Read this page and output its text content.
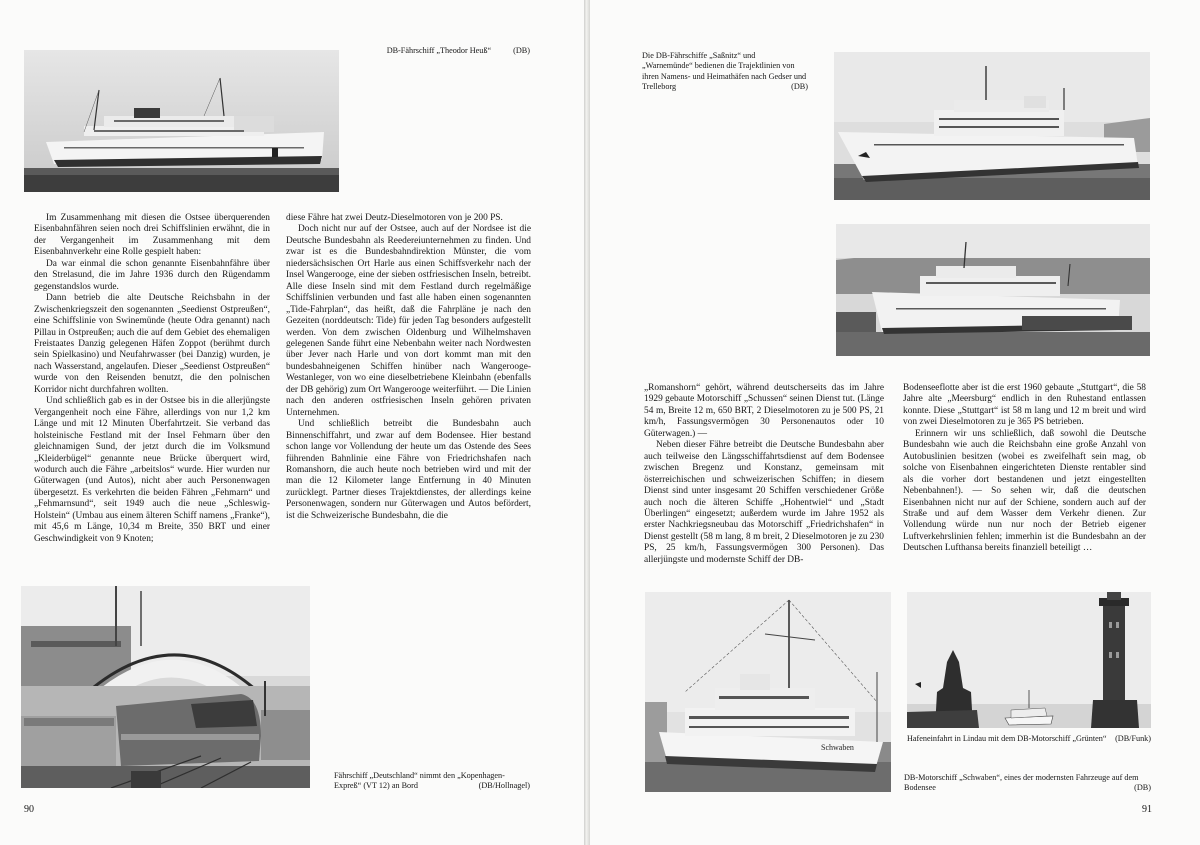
DB-Fährschiff „Theodor Heuß“	(DB)

Im Zusammenhang mit diesen die Ostsee überquerenden Eisenbahnfähren seien noch drei Schiffslinien erwähnt, die in der Vergangenheit im Zusammenhang mit dem Eisenbahnverkehr eine Rolle gespielt haben:

Da war einmal die schon genannte Eisenbahnfähre über den Strelasund, die im Jahre 1936 durch den Rügendamm gegenstandslos wurde.

Dann betrieb die alte Deutsche Reichsbahn in der Zwischenkriegszeit den sogenannten „Seedienst Ostpreußen“, eine Schiffslinie von Swinemünde (heute Odra genannt) nach Pillau in Ostpreußen; auch die auf dem Gebiet des ehemaligen Freistaates Danzig gelegenen Häfen Zoppot (berühmt durch sein Spielkasino) und Neufahrwasser (bei Danzig) wurden, je nach Wasserstand, angelaufen. Dieser „Seedienst Ostpreußen“ wurde von den Reisenden benutzt, die den polnischen Korridor nicht durchfahren wollten.

Und schließlich gab es in der Ostsee bis in die allerjüngste Vergangenheit noch eine Fähre, allerdings von nur 1,2 km Länge und mit 12 Minuten Überfahrtzeit. Sie verband das holsteinische Festland mit der Insel Fehmarn über den gleichnamigen Sund, der jetzt durch die im Volksmund „Kleiderbügel“ genannte neue Brücke überquert wird, wodurch auch die Fähre „arbeitslos“ wurde. Hier wurden nur Güterwagen (und Autos), nicht aber auch Personenwagen übergesetzt. Es verkehrten die beiden Fähren „Fehmarn“ und „Fehmarnsund“, seit 1949 auch die neue „Schleswig-Holstein“ (Umbau aus einem älteren Schiff namens „Franke“), mit 45,6 m Länge, 10,34 m Breite, 350 BRT und einer Geschwindigkeit von 9 Knoten;

diese Fähre hat zwei Deutz-Dieselmotoren von je 200 PS.

Doch nicht nur auf der Ostsee, auch auf der Nordsee ist die Deutsche Bundesbahn als Reedereiunternehmen zu finden. Und zwar ist es die Bundesbahndirektion Münster, die vom niedersächsischen Ort Harle aus einen Schiffsverkehr nach der Insel Wangerooge, eine der sieben ostfriesischen Inseln, betreibt. Alle diese Inseln sind mit dem Festland durch regelmäßige Schiffslinien verbunden und fast alle haben einen sogenannten „Tide-Fahrplan“, das heißt, daß die Fahrpläne je nach den Gezeiten (norddeutsch: Tide) für jeden Tag besonders aufgestellt werden. Von dem zwischen Oldenburg und Wilhelmshaven gelegenen Sande führt eine Nebenbahn weiter nach Nordwesten über Jever nach Harle und von dort kommt man mit den bundesbahneigenen Schiffen hinüber nach Wangerooge-Westanleger, von wo eine dieselbetriebene Kleinbahn (ebenfalls der DB gehörig) zum Ort Wangerooge weiterführt. — Die Linien nach den anderen ostfriesischen Inseln gehören privaten Unternehmen.

Und schließlich betreibt die Bundesbahn auch Binnenschiffahrt, und zwar auf dem Bodensee. Hier bestand schon lange vor Vollendung der heute um das Ostende des Sees führenden Bahnlinie eine Fähre von Friedrichshafen nach Romanshorn, die auch heute noch betrieben wird und mit der man die 12 Kilometer lange Entfernung in 40 Minuten zurücklegt. Partner dieses Trajektdienstes, der allerdings keine Personenwagen, sondern nur Güterwagen und Autos befördert, ist die Schweizerische Bundesbahn, die die

Fährschiff „Deutschland“ nimmt den „Kopenhagen-Expreß“ (VT 12) an Bord	(DB/Hollnagel)
90
Die DB-Fährschiffe „Saßnitz“ und „Warnemünde“ bedienen die Trajektlinien von ihren Namens- und Heimathäfen nach Gedser und Trelleborg	(DB)

„Romanshorn“ gehört, während deutscherseits das im Jahre 1929 gebaute Motorschiff „Schussen“ seinen Dienst tut. (Länge 54 m, Breite 12 m, 650 BRT, 2 Dieselmotoren zu je 500 PS, 21 km/h, Fassungsvermögen 30 Personenautos oder 10 Güterwagen.) —

Neben dieser Fähre betreibt die Deutsche Bundesbahn aber auch teilweise den Längsschiffahrtsdienst auf dem Bodensee zwischen Bregenz und Konstanz, gemeinsam mit österreichischen und schweizerischen Schiffen; in diesem Dienst sind unter insgesamt 20 Schiffen verschiedener Größe auch noch die älteren Schiffe „Hohentwiel“ und „Stadt Überlingen“ eingesetzt; außerdem wurde im Jahre 1952 als erster Nachkriegsneubau das Motorschiff „Friedrichshafen“ in Dienst gestellt (58 m lang, 8 m breit, 2 Dieselmotoren je zu 230 PS, 25 km/h, Fassungsvermögen 300 Personen). Das allerjüngste und modernste Schiff der DB-

Bodenseeflotte aber ist die erst 1960 gebaute „Stuttgart“, die 58 Jahre alte „Meersburg“ endlich in den Ruhestand entlassen konnte. Diese „Stuttgart“ ist 58 m lang und 12 m breit und wird von zwei Dieselmotoren zu je 365 PS betrieben.

Erinnern wir uns schließlich, daß sowohl die Deutsche Bundesbahn wie auch die Reichsbahn eine große Anzahl von Autobuslinien besitzen (wobei es zweifelhaft sein mag, ob solche von Eisenbahnen eingerichteten Dienste rentabler sind als die vorher dort bestandenen und jetzt eingestellten Nebenbahnen!). — So sehen wir, daß die deutschen Eisenbahnen nicht nur auf der Schiene, sondern auch auf der Straße und auf dem Wasser dem Verkehr dienen. Zur Vollendung würde nun nur noch der Betrieb eigener Luftverkehrslinien fehlen; immerhin ist die Bundesbahn an der Deutschen Lufthansa bereits finanziell beteiligt …

Schwaben
Hafeneinfahrt in Lindau mit dem DB-Motorschiff „Grünten“ (DB/Funk)
DB-Motorschiff „Schwaben“, eines der modernsten Fahrzeuge auf dem Bodensee	(DB)
91
